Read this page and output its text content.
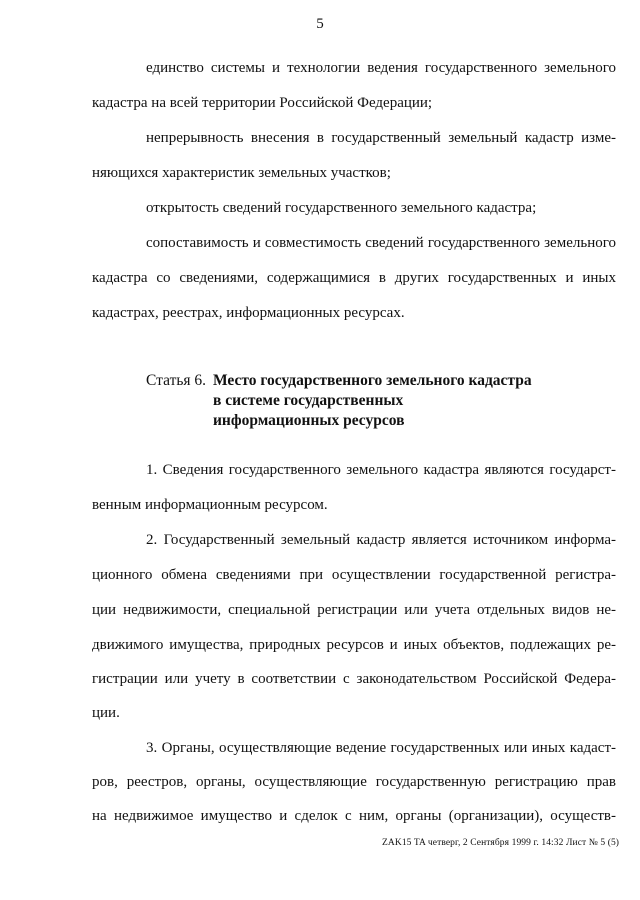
5
единство системы и технологии ведения государственного земельного
кадастра на всей территории Российской Федерации;
непрерывность внесения в государственный земельный кадастр изме-
няющихся характеристик земельных участков;
открытость сведений государственного земельного кадастра;
сопоставимость и совместимость сведений государственного земельного
кадастра со сведениями, содержащимися в других государственных и иных
кадастрах, реестрах, информационных ресурсах.
Статья 6. Место государственного земельного кадастра
в системе государственных
информационных ресурсов
1. Сведения государственного земельного кадастра являются государст-
венным информационным ресурсом.
2. Государственный земельный кадастр является источником информа-
ционного обмена сведениями при осуществлении государственной регистра-
ции недвижимости, специальной регистрации или учета отдельных видов не-
движимого имущества, природных ресурсов и иных объектов, подлежащих ре-
гистрации или учету в соответствии с законодательством Российской Федера-
ции.
3. Органы, осуществляющие ведение государственных или иных кадаст-
ров, реестров, органы, осуществляющие государственную регистрацию прав
на недвижимое имущество и сделок с ним, органы (организации), осуществ-
ZAK15 TA четверг, 2 Сентября 1999 г. 14:32 Лист № 5 (5)
